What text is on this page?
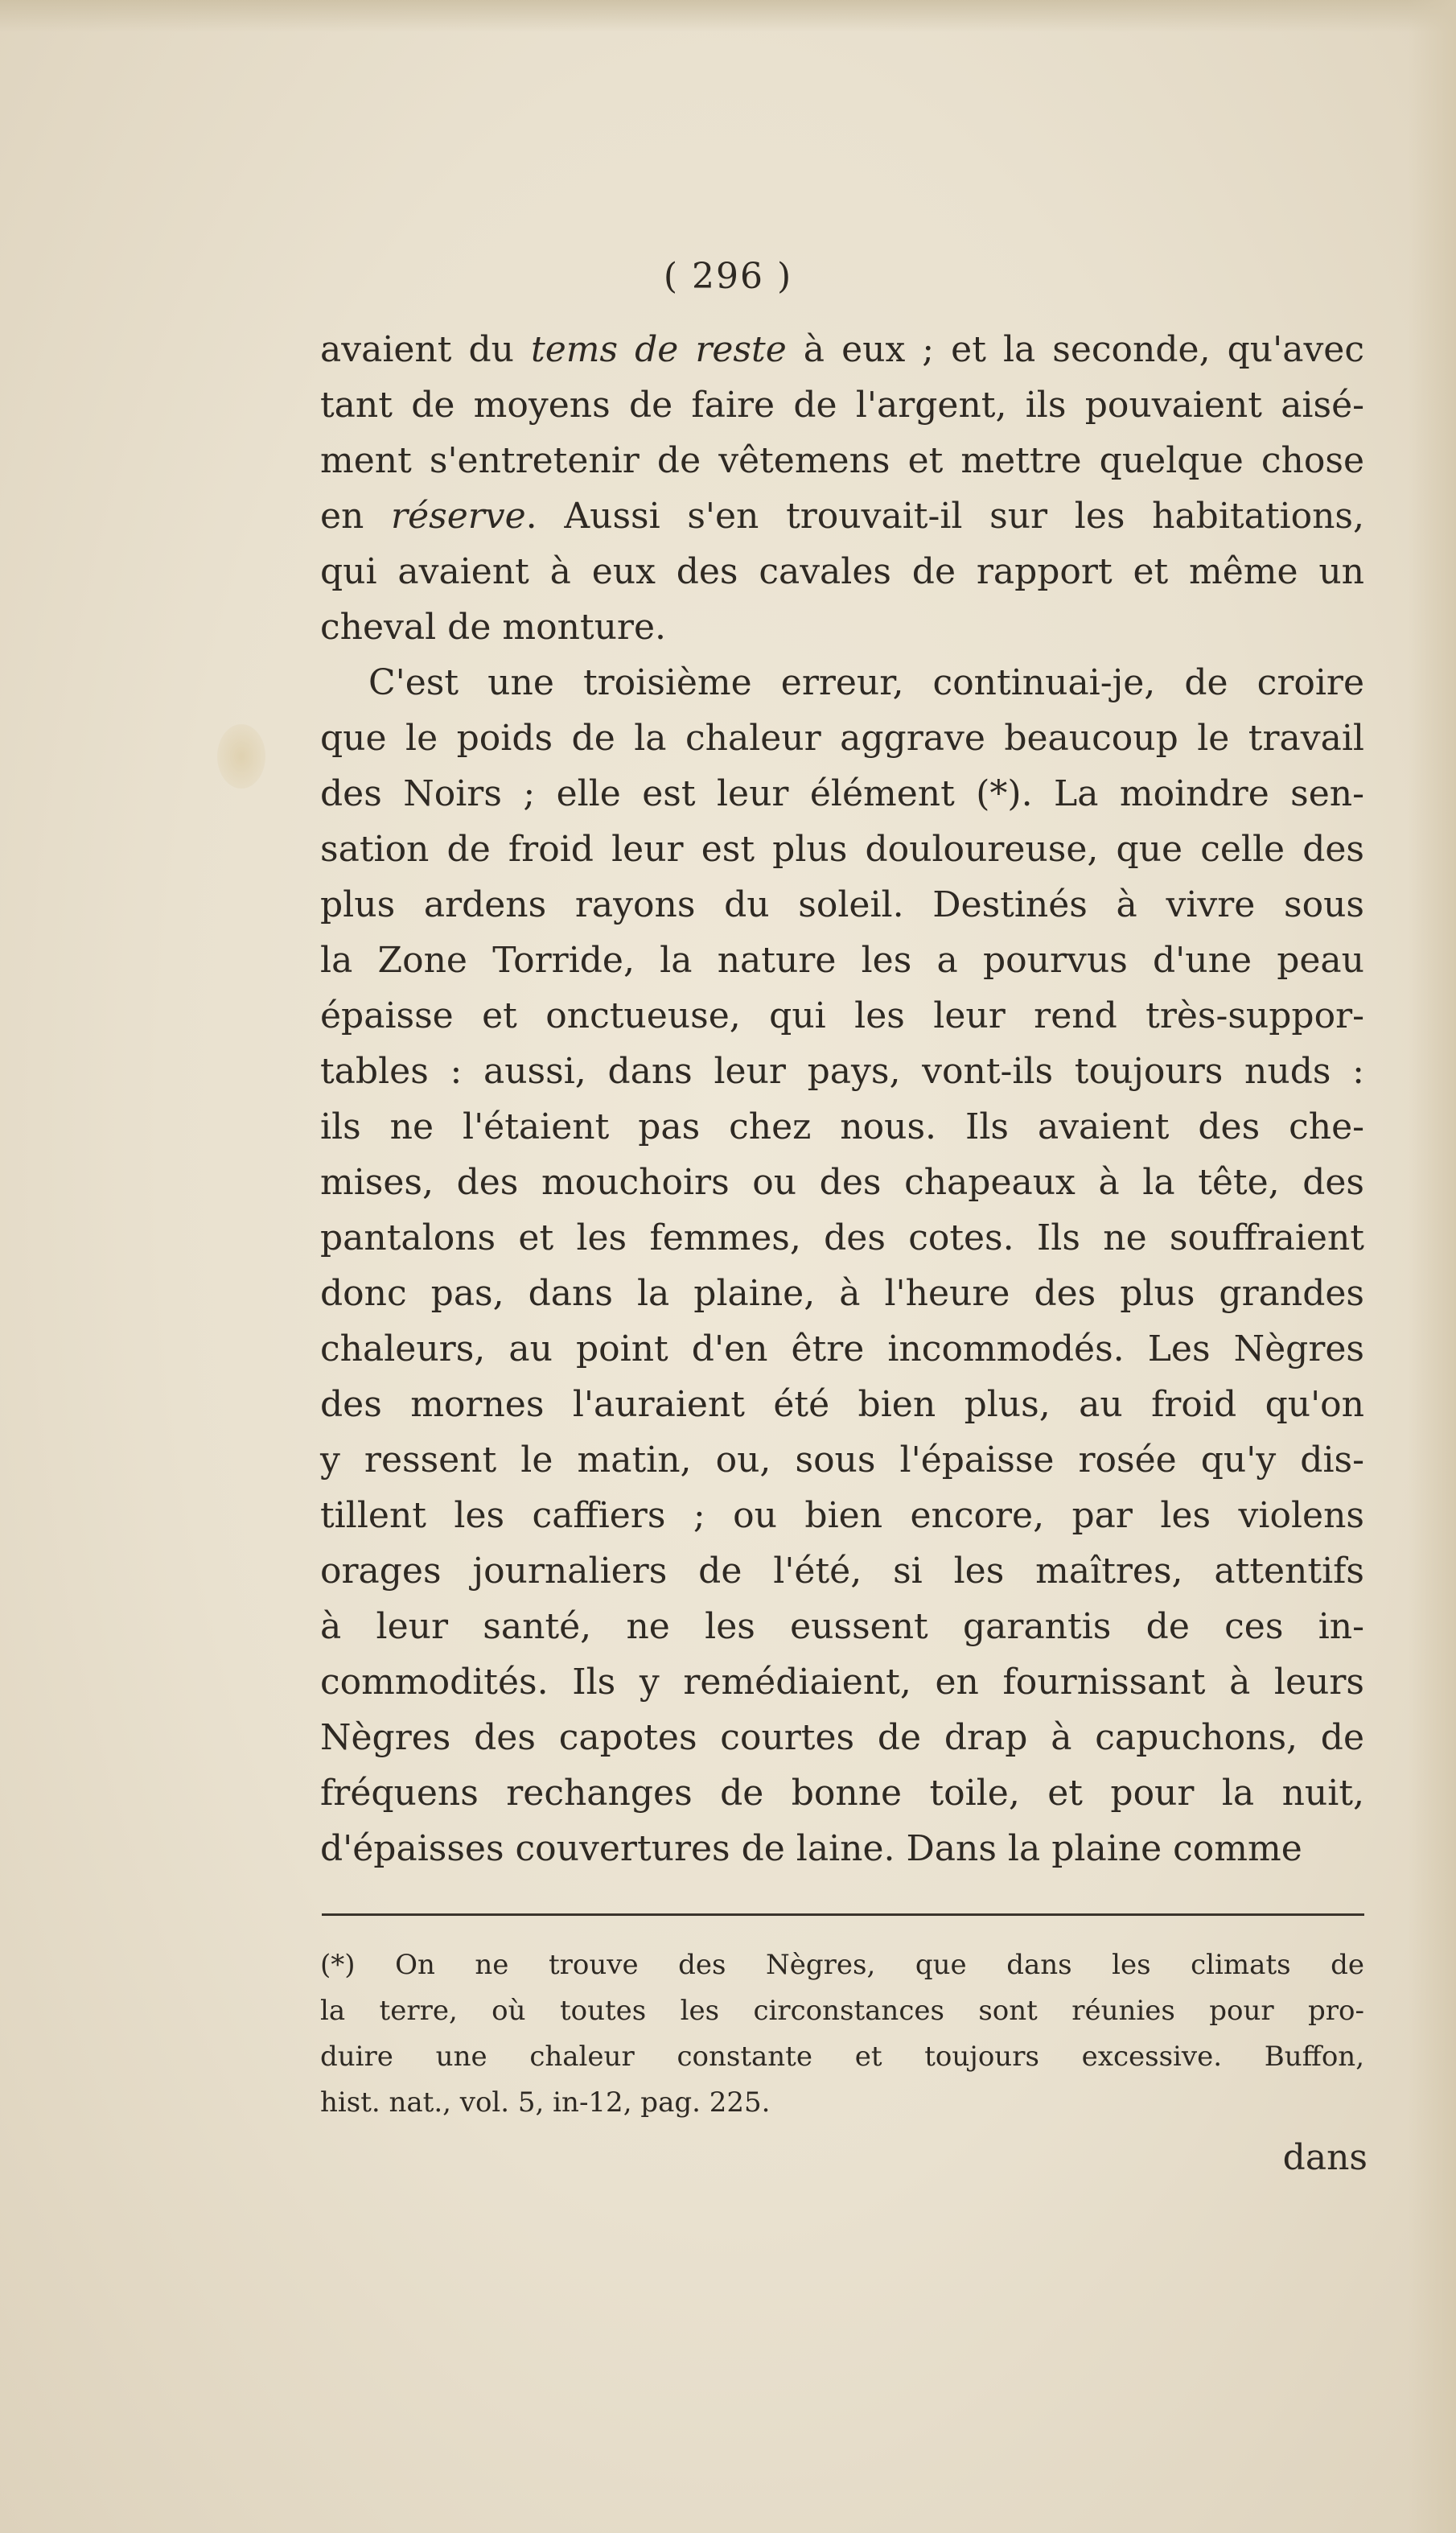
( 296 )
avaient du tems de reste à eux ; et la seconde, qu'avec
tant de moyens de faire de l'argent, ils pouvaient aisé-
ment s'entretenir de vêtemens et mettre quelque chose
en réserve. Aussi s'en trouvait-il sur les habitations,
qui avaient à eux des cavales de rapport et même un
cheval de monture.
C'est une troisième erreur, continuai-je, de croire
que le poids de la chaleur aggrave beaucoup le travail
des Noirs ; elle est leur élément (*). La moindre sen-
sation de froid leur est plus douloureuse, que celle des
plus ardens rayons du soleil. Destinés à vivre sous
la Zone Torride, la nature les a pourvus d'une peau
épaisse et onctueuse, qui les leur rend très-suppor-
tables : aussi, dans leur pays, vont-ils toujours nuds :
ils ne l'étaient pas chez nous. Ils avaient des che-
mises, des mouchoirs ou des chapeaux à la tête, des
pantalons et les femmes, des cotes. Ils ne souffraient
donc pas, dans la plaine, à l'heure des plus grandes
chaleurs, au point d'en être incommodés. Les Nègres
des mornes l'auraient été bien plus, au froid qu'on
y ressent le matin, ou, sous l'épaisse rosée qu'y dis-
tillent les caffiers ; ou bien encore, par les violens
orages journaliers de l'été, si les maîtres, attentifs
à leur santé, ne les eussent garantis de ces in-
commodités. Ils y remédiaient, en fournissant à leurs
Nègres des capotes courtes de drap à capuchons, de
fréquens rechanges de bonne toile, et pour la nuit,
d'épaisses couvertures de laine. Dans la plaine comme
(*) On ne trouve des Nègres, que dans les climats de
la terre, où toutes les circonstances sont réunies pour pro-
duire une chaleur constante et toujours excessive. Buffon,
hist. nat., vol. 5, in-12, pag. 225.
dans
